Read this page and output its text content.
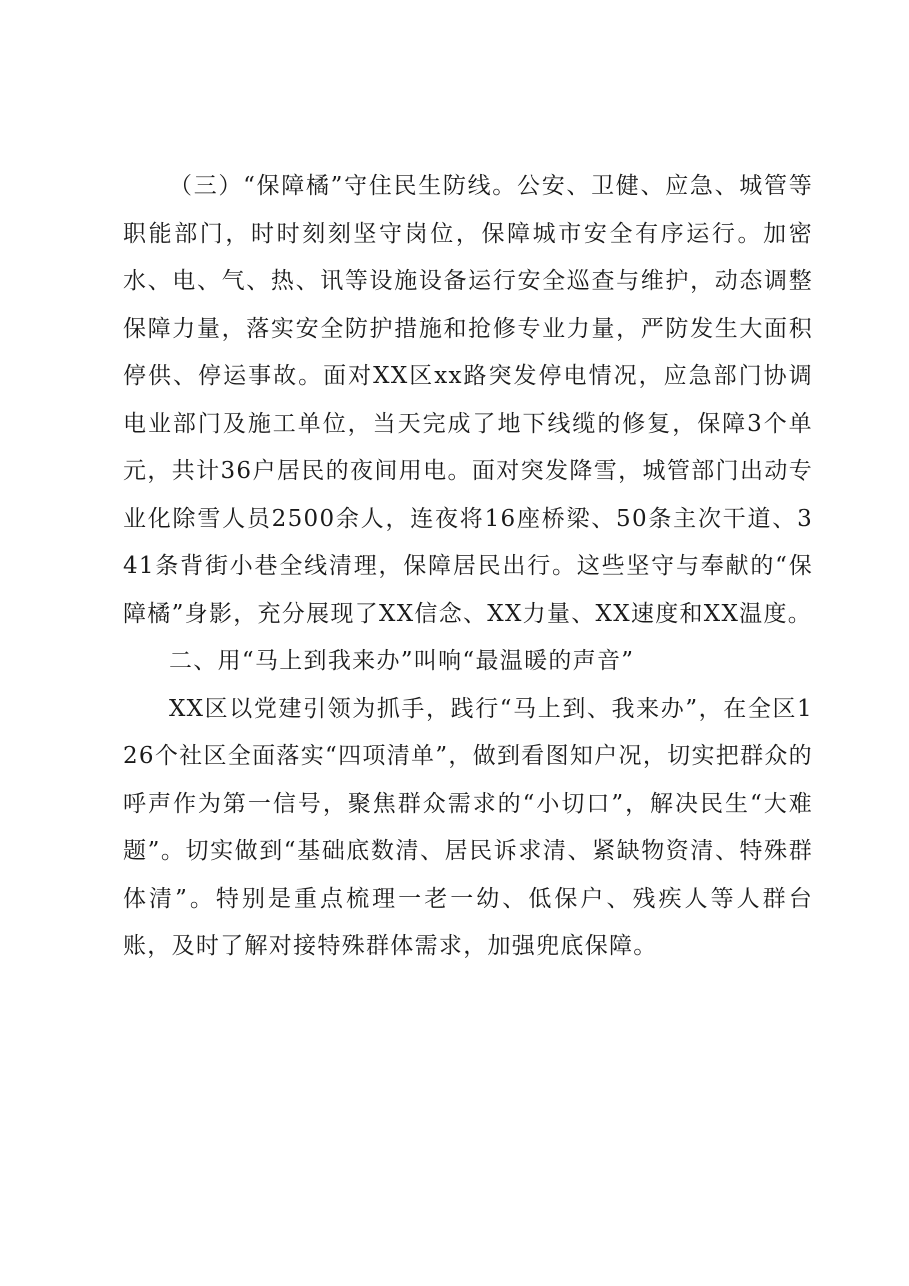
（三）“保障橘”守住民生防线。公安、卫健、应急、城管等职能部门，时时刻刻坚守岗位，保障城市安全有序运行。加密水、电、气、热、讯等设施设备运行安全巡查与维护，动态调整保障力量，落实安全防护措施和抢修专业力量，严防发生大面积停供、停运事故。面对XX区xx路突发停电情况，应急部门协调电业部门及施工单位，当天完成了地下线缆的修复，保障3个单元，共计36户居民的夜间用电。面对突发降雪，城管部门出动专业化除雪人员2500余人，连夜将16座桥梁、50条主次干道、341条背街小巷全线清理，保障居民出行。这些坚守与奉献的“保障橘”身影，充分展现了XX信念、XX力量、XX速度和XX温度。

二、用“马上到我来办”叫响“最温暖的声音”

XX区以党建引领为抓手，践行“马上到、我来办”，在全区126个社区全面落实“四项清单”，做到看图知户况，切实把群众的呼声作为第一信号，聚焦群众需求的“小切口”，解决民生“大难题”。切实做到“基础底数清、居民诉求清、紧缺物资清、特殊群体清”。特别是重点梳理一老一幼、低保户、残疾人等人群台账，及时了解对接特殊群体需求，加强兜底保障。
